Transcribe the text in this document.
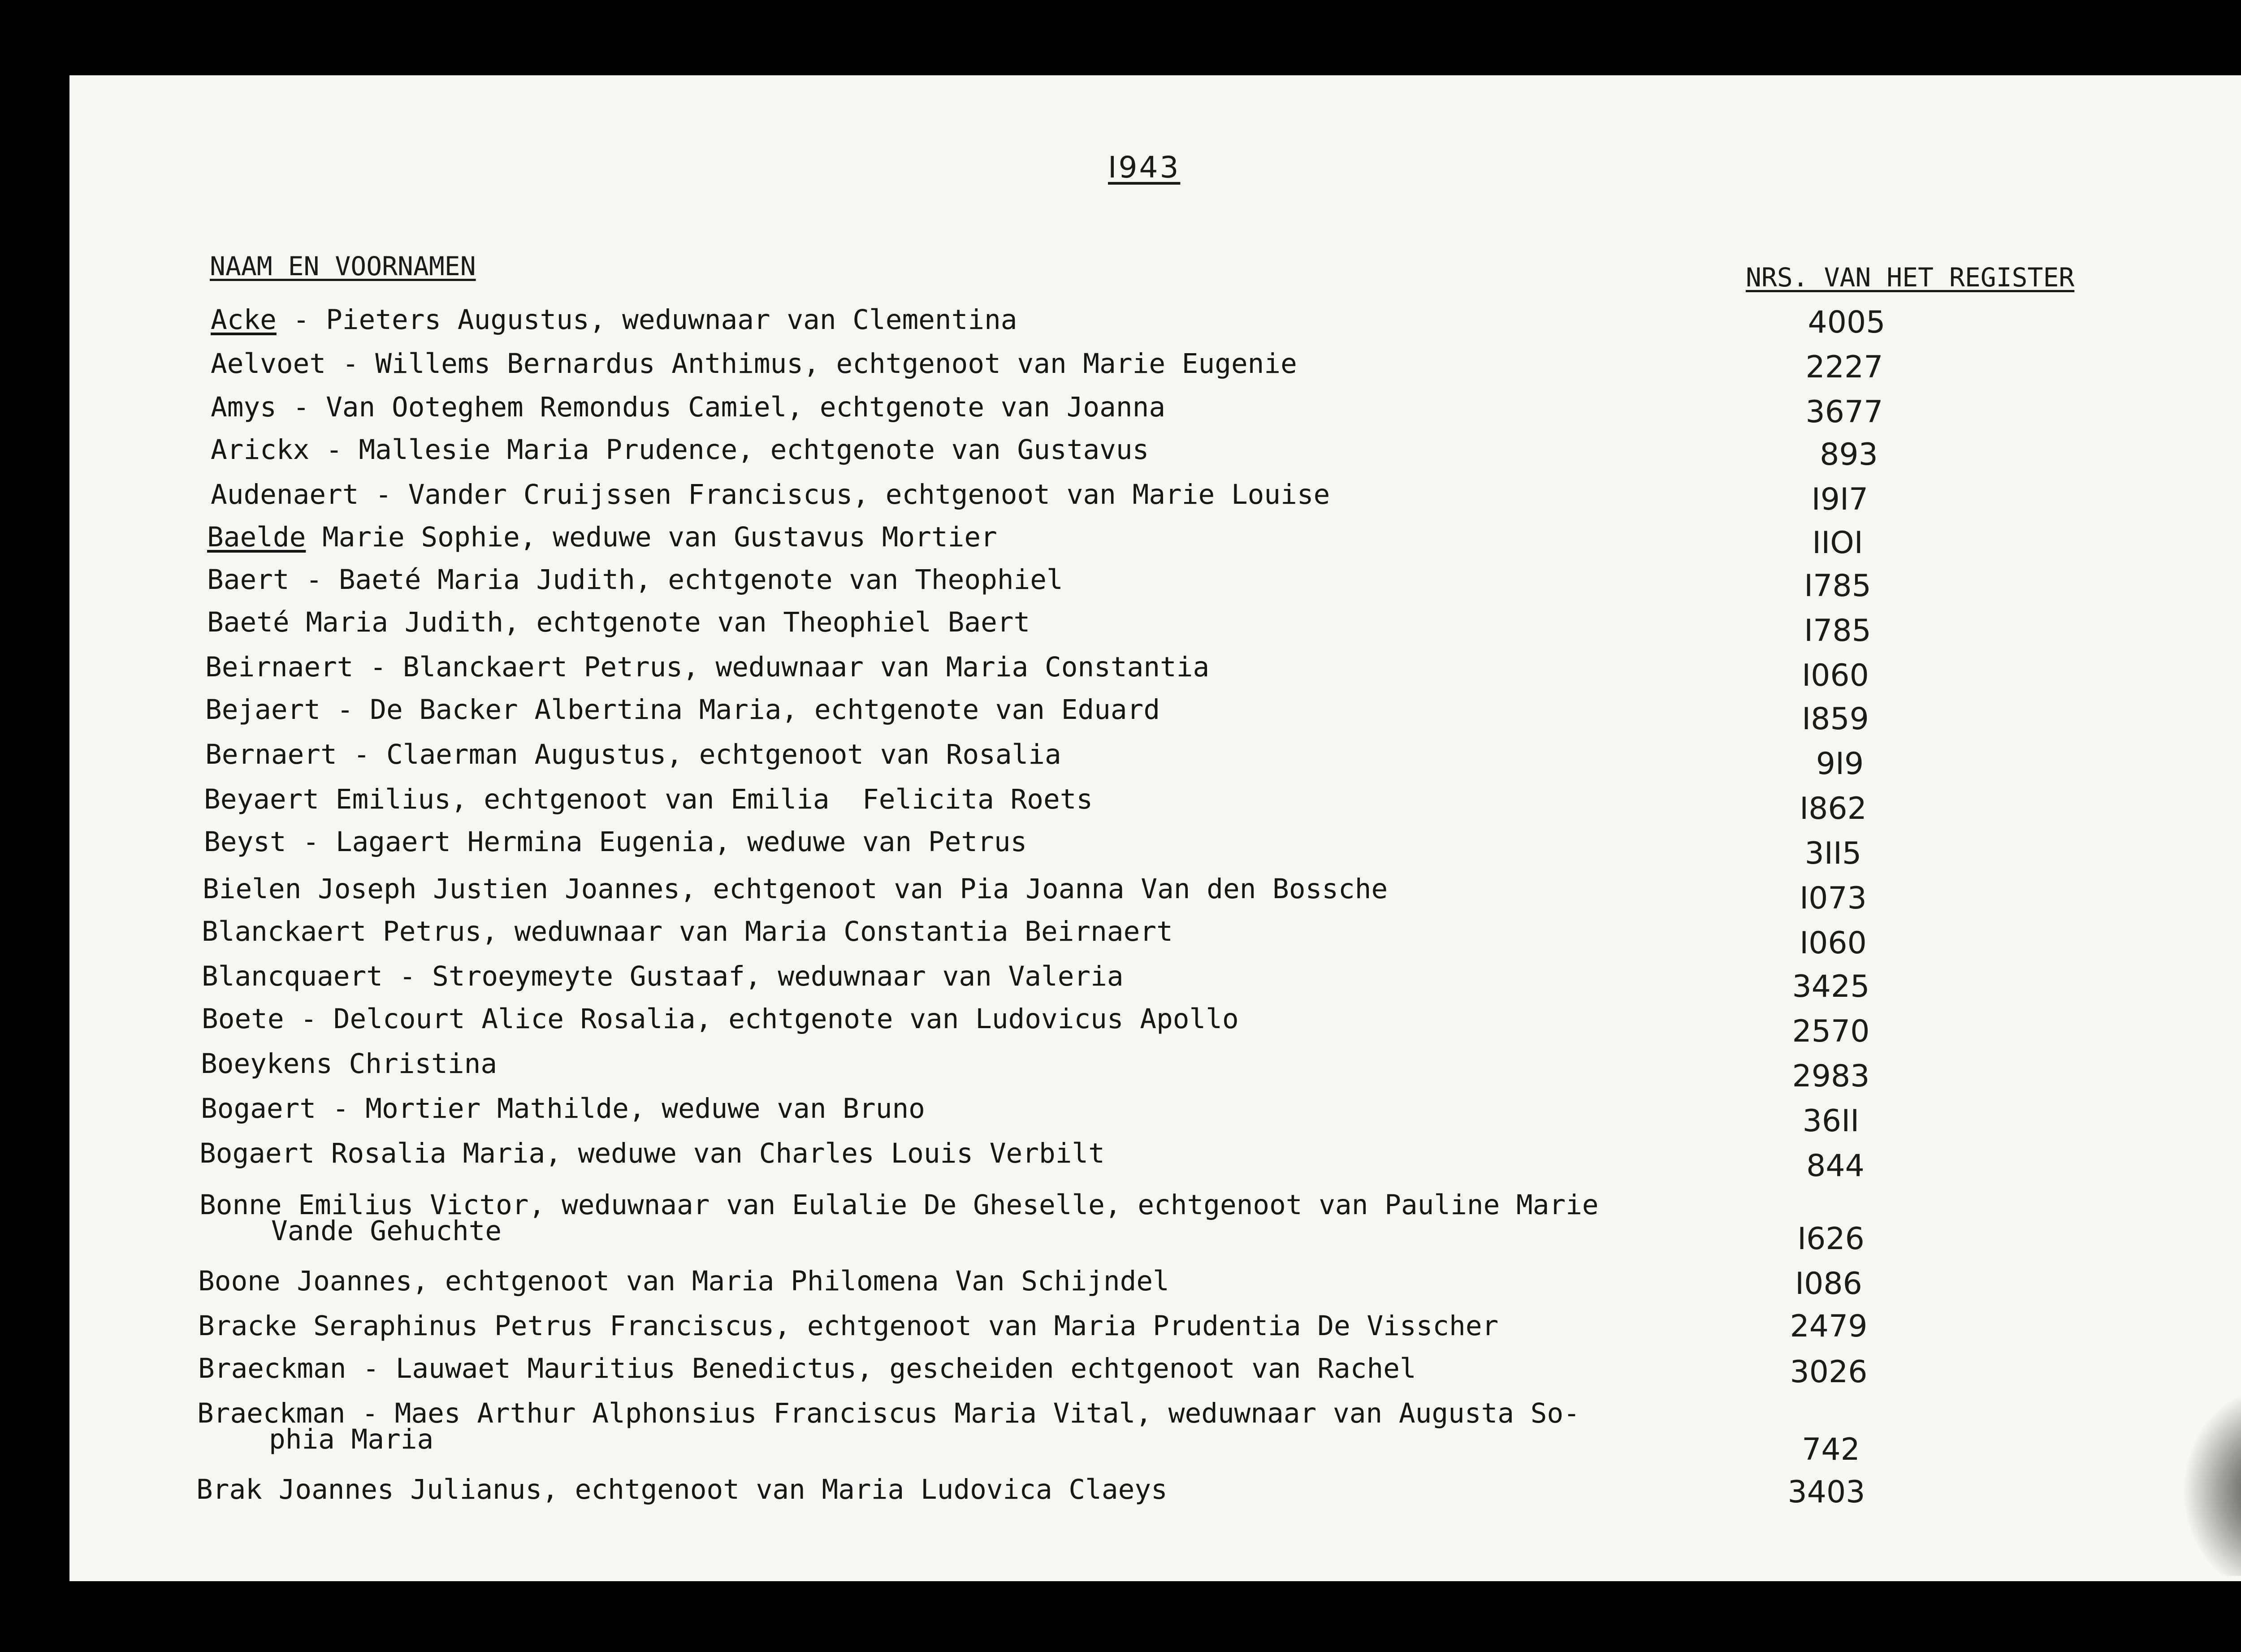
I943
NAAM EN VOORNAMEN	NRS. VAN HET REGISTER
Acke - Pieters Augustus, weduwnaar van Clementina	4005
Aelvoet - Willems Bernardus Anthimus, echtgenoot van Marie Eugenie	2227
Amys - Van Ooteghem Remondus Camiel, echtgenote van Joanna	3677
Arickx - Mallesie Maria Prudence, echtgenote van Gustavus	893
Audenaert - Vander Cruijssen Franciscus, echtgenoot van Marie Louise	I9I7
Baelde Marie Sophie, weduwe van Gustavus Mortier	IIOI
Baert - Baeté Maria Judith, echtgenote van Theophiel	I785
Baeté Maria Judith, echtgenote van Theophiel Baert	I785
Beirnaert - Blanckaert Petrus, weduwnaar van Maria Constantia	I060
Bejaert - De Backer Albertina Maria, echtgenote van Eduard	I859
Bernaert - Claerman Augustus, echtgenoot van Rosalia	9I9
Beyaert Emilius, echtgenoot van Emilia  Felicita Roets	I862
Beyst - Lagaert Hermina Eugenia, weduwe van Petrus	3II5
Bielen Joseph Justien Joannes, echtgenoot van Pia Joanna Van den Bossche	I073
Blanckaert Petrus, weduwnaar van Maria Constantia Beirnaert	I060
Blancquaert - Stroeymeyte Gustaaf, weduwnaar van Valeria	3425
Boete - Delcourt Alice Rosalia, echtgenote van Ludovicus Apollo	2570
Boeykens Christina	2983
Bogaert - Mortier Mathilde, weduwe van Bruno	36II
Bogaert Rosalia Maria, weduwe van Charles Louis Verbilt	844
Bonne Emilius Victor, weduwnaar van Eulalie De Gheselle, echtgenoot van Pauline Marie
Vande Gehuchte	I626
Boone Joannes, echtgenoot van Maria Philomena Van Schijndel	I086
Bracke Seraphinus Petrus Franciscus, echtgenoot van Maria Prudentia De Visscher	2479
Braeckman - Lauwaet Mauritius Benedictus, gescheiden echtgenoot van Rachel	3026
Braeckman - Maes Arthur Alphonsius Franciscus Maria Vital, weduwnaar van Augusta So-
phia Maria	742
Brak Joannes Julianus, echtgenoot van Maria Ludovica Claeys	3403
